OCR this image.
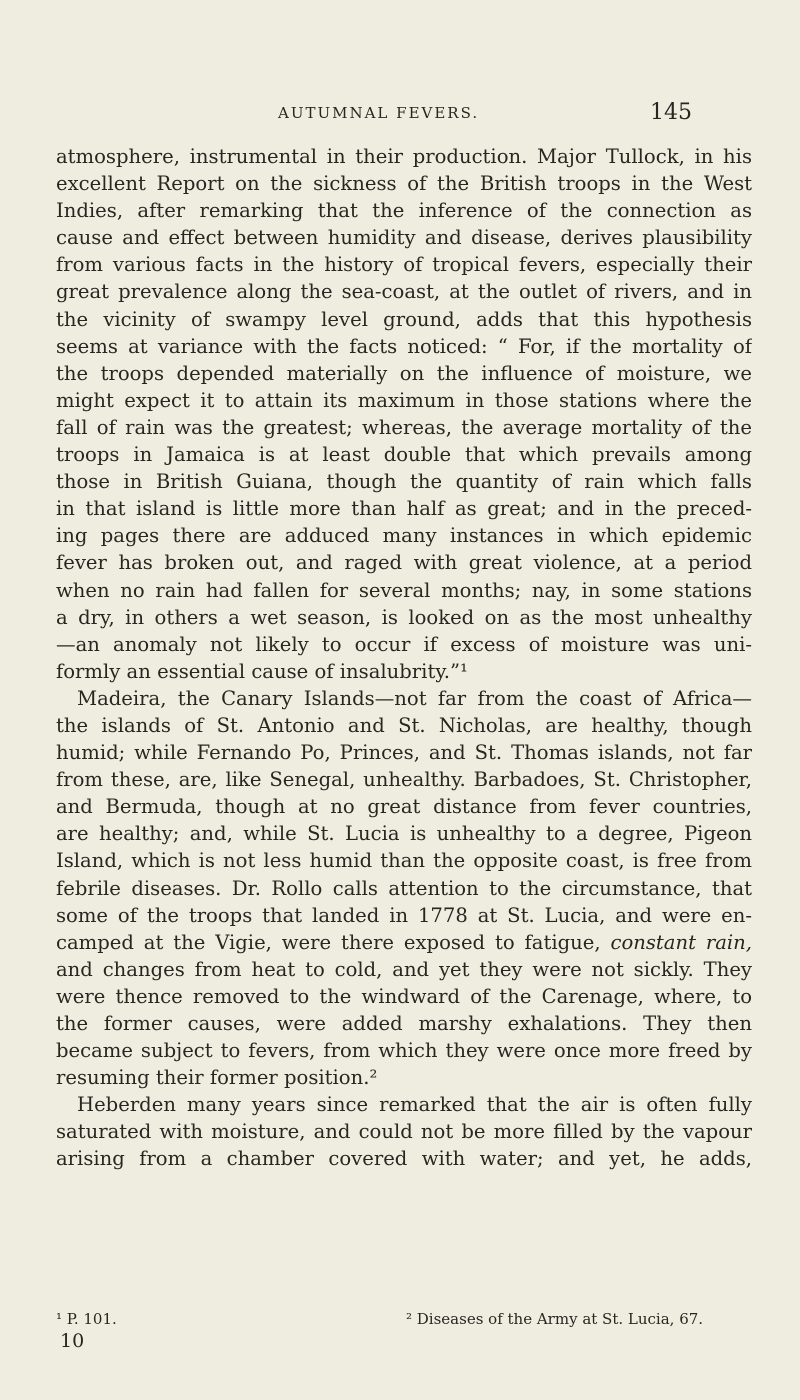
AUTUMNAL FEVERS.	145
atmosphere, instrumental in their production. Major Tullock, in his
excellent Report on the sickness of the British troops in the West
Indies, after remarking that the inference of the connection as
cause and effect between humidity and disease, derives plausibility
from various facts in the history of tropical fevers, especially their
great prevalence along the sea-coast, at the outlet of rivers, and in
the vicinity of swampy level ground, adds that this hypothesis
seems at variance with the facts noticed: “ For, if the mortality of
the troops depended materially on the influence of moisture, we
might expect it to attain its maximum in those stations where the
fall of rain was the greatest; whereas, the average mortality of the
troops in Jamaica is at least double that which prevails among
those in British Guiana, though the quantity of rain which falls
in that island is little more than half as great; and in the preced-
ing pages there are adduced many instances in which epidemic
fever has broken out, and raged with great violence, at a period
when no rain had fallen for several months; nay, in some stations
a dry, in others a wet season, is looked on as the most unhealthy
—an anomaly not likely to occur if excess of moisture was uni-
formly an essential cause of insalubrity.”¹
Madeira, the Canary Islands—not far from the coast of Africa—
the islands of St. Antonio and St. Nicholas, are healthy, though
humid; while Fernando Po, Princes, and St. Thomas islands, not far
from these, are, like Senegal, unhealthy. Barbadoes, St. Christopher,
and Bermuda, though at no great distance from fever countries,
are healthy; and, while St. Lucia is unhealthy to a degree, Pigeon
Island, which is not less humid than the opposite coast, is free from
febrile diseases. Dr. Rollo calls attention to the circumstance, that
some of the troops that landed in 1778 at St. Lucia, and were en-
camped at the Vigie, were there exposed to fatigue, constant rain,
and changes from heat to cold, and yet they were not sickly. They
were thence removed to the windward of the Carenage, where, to
the former causes, were added marshy exhalations. They then
became subject to fevers, from which they were once more freed by
resuming their former position.²
Heberden many years since remarked that the air is often fully
saturated with moisture, and could not be more filled by the vapour
arising from a chamber covered with water; and yet, he adds,
¹ P. 101.	² Diseases of the Army at St. Lucia, 67.
10
